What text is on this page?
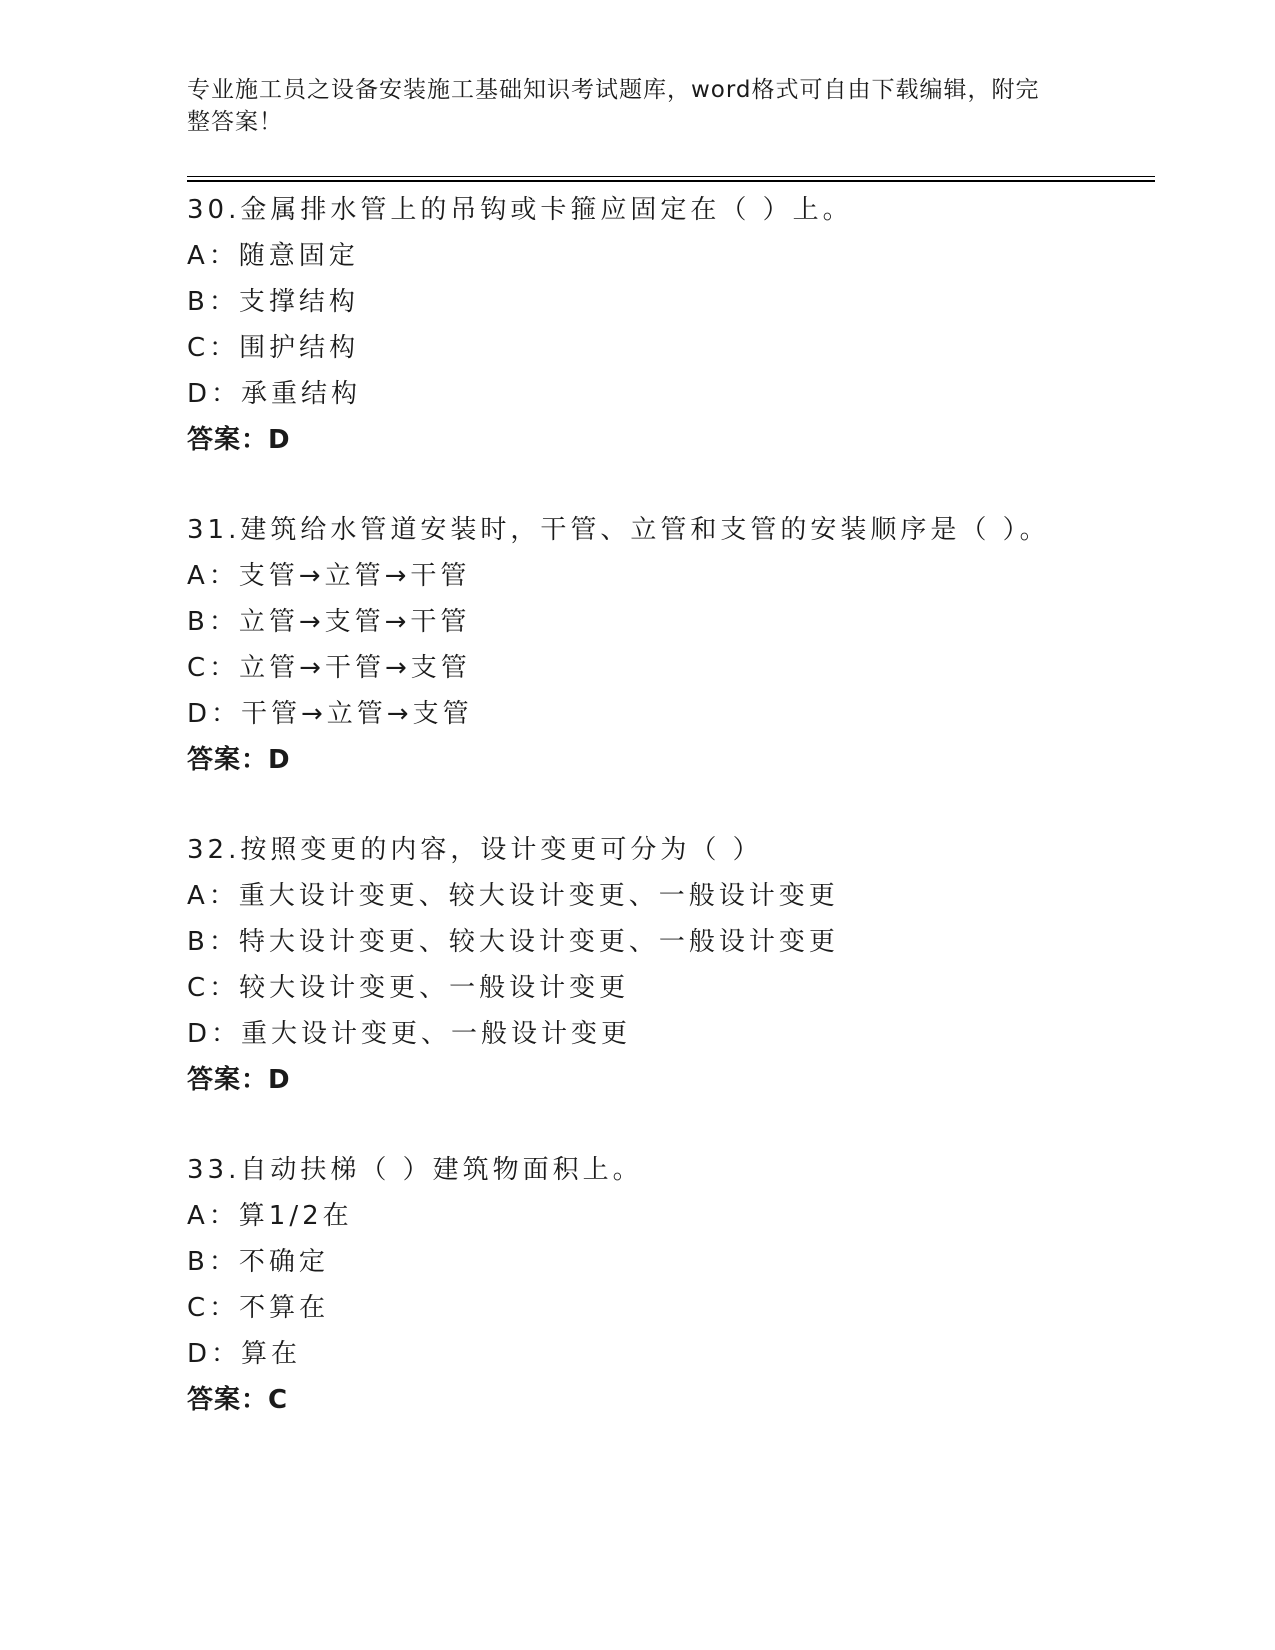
专业施工员之设备安装施工基础知识考试题库，word格式可自由下载编辑，附完
整答案！
30.金属排水管上的吊钩或卡箍应固定在（ ）上。
A：随意固定
B：支撑结构
C：围护结构
D：承重结构
答案：D
31.建筑给水管道安装时，干管、立管和支管的安装顺序是（ ）。
A：支管→立管→干管
B：立管→支管→干管
C：立管→干管→支管
D：干管→立管→支管
答案：D
32.按照变更的内容，设计变更可分为（ ）
A：重大设计变更、较大设计变更、一般设计变更
B：特大设计变更、较大设计变更、一般设计变更
C：较大设计变更、一般设计变更
D：重大设计变更、一般设计变更
答案：D
33.自动扶梯（ ）建筑物面积上。
A：算1/2在
B：不确定
C：不算在
D：算在
答案：C
